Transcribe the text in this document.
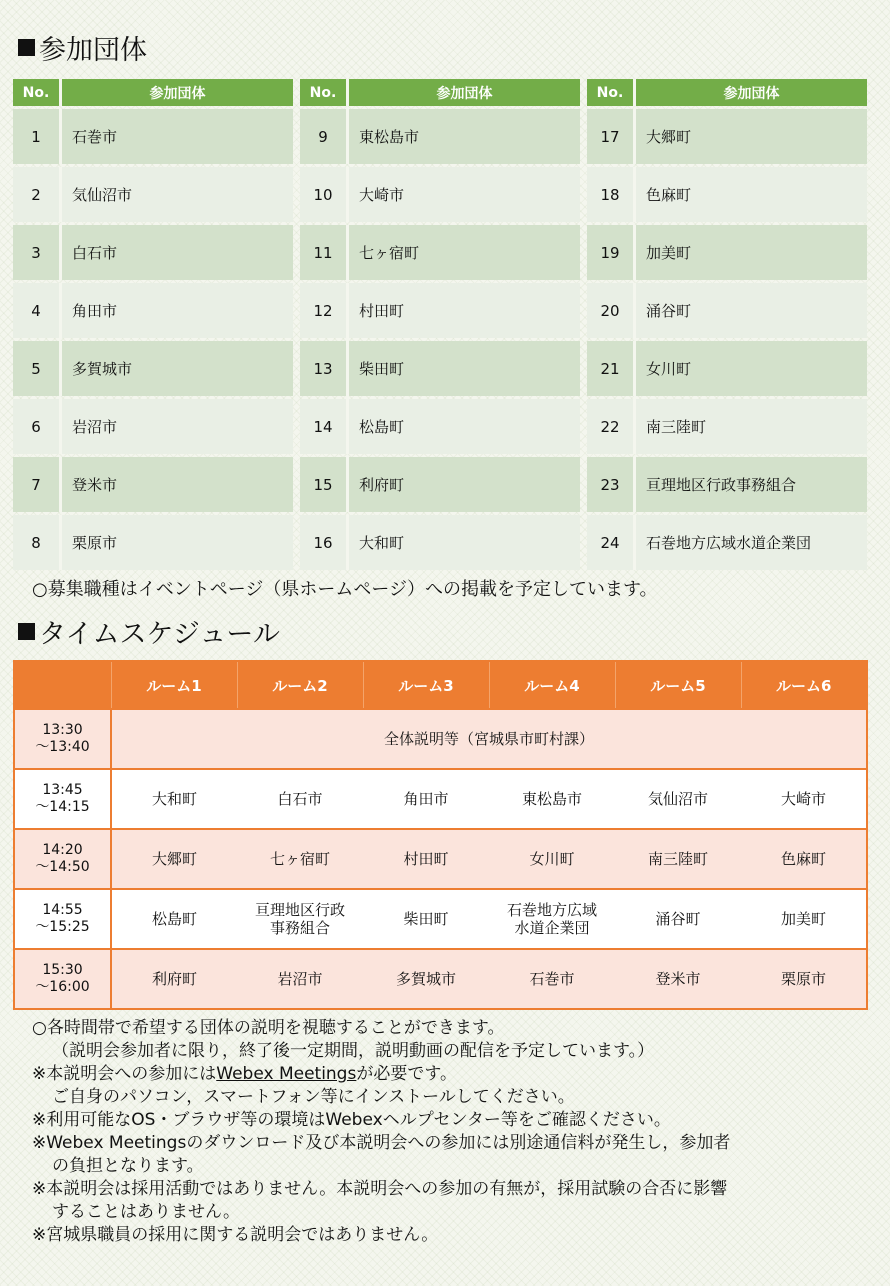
参加団体
No.	参加団体
1	石巻市
2	気仙沼市
3	白石市
4	角田市
5	多賀城市
6	岩沼市
7	登米市
8	栗原市
No.	参加団体
9	東松島市
10	大崎市
11	七ヶ宿町
12	村田町
13	柴田町
14	松島町
15	利府町
16	大和町
No.	参加団体
17	大郷町
18	色麻町
19	加美町
20	涌谷町
21	女川町
22	南三陸町
23	亘理地区行政事務組合
24	石巻地方広域水道企業団
○募集職種はイベントページ（県ホームページ）への掲載を予定しています。
タイムスケジュール
	ルーム1	ルーム2	ルーム3	ルーム4	ルーム5	ルーム6
13:30
～13:40	全体説明等（宮城県市町村課）					
13:45
～14:15	大和町	白石市	角田市	東松島市	気仙沼市	大崎市
14:20
～14:50	大郷町	七ヶ宿町	村田町	女川町	南三陸町	色麻町
14:55
～15:25	松島町	亘理地区行政
事務組合	柴田町	石巻地方広域
水道企業団	涌谷町	加美町
15:30
～16:00	利府町	岩沼市	多賀城市	石巻市	登米市	栗原市

○各時間帯で希望する団体の説明を視聴することができます。

（説明会参加者に限り，終了後一定期間，説明動画の配信を予定しています。）

※本説明会への参加にはWebex Meetingsが必要です。

ご自身のパソコン，スマートフォン等にインストールしてください。

※利用可能なOS・ブラウザ等の環境はWebexヘルプセンター等をご確認ください。

※Webex Meetingsのダウンロード及び本説明会への参加には別途通信料が発生し，参加者

の負担となります。

※本説明会は採用活動ではありません。本説明会への参加の有無が，採用試験の合否に影響

することはありません。

※宮城県職員の採用に関する説明会ではありません。
